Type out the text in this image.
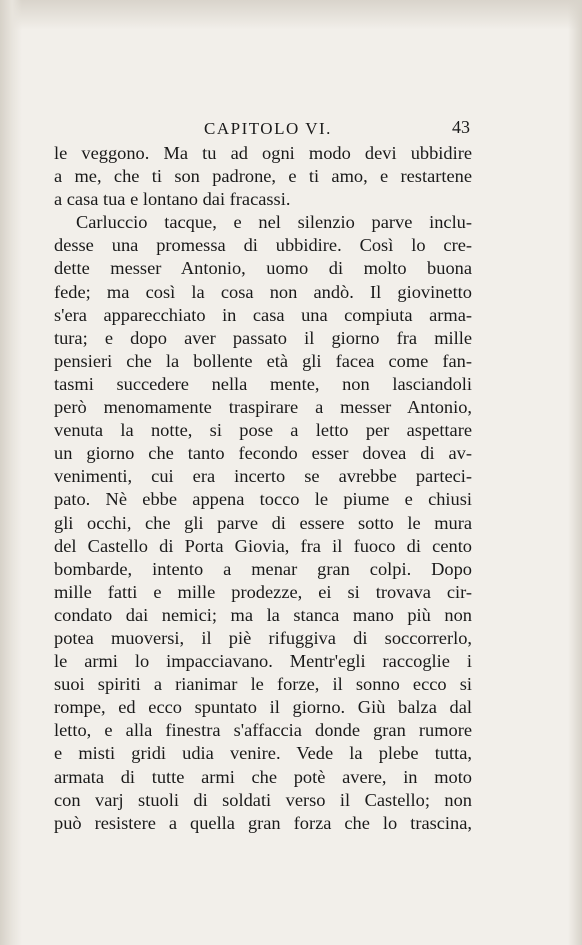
CAPITOLO VI.	43
le veggono. Ma tu ad ogni modo devi ubbidire
a me, che ti son padrone, e ti amo, e restartene
a casa tua e lontano dai fracassi.
Carluccio tacque, e nel silenzio parve inclu-
desse una promessa di ubbidire. Così lo cre-
dette messer Antonio, uomo di molto buona
fede; ma così la cosa non andò. Il giovinetto
s'era apparecchiato in casa una compiuta arma-
tura; e dopo aver passato il giorno fra mille
pensieri che la bollente età gli facea come fan-
tasmi succedere nella mente, non lasciandoli
però menomamente traspirare a messer Antonio,
venuta la notte, si pose a letto per aspettare
un giorno che tanto fecondo esser dovea di av-
venimenti, cui era incerto se avrebbe parteci-
pato. Nè ebbe appena tocco le piume e chiusi
gli occhi, che gli parve di essere sotto le mura
del Castello di Porta Giovia, fra il fuoco di cento
bombarde, intento a menar gran colpi. Dopo
mille fatti e mille prodezze, ei si trovava cir-
condato dai nemici; ma la stanca mano più non
potea muoversi, il piè rifuggiva di soccorrerlo,
le armi lo impacciavano. Mentr'egli raccoglie i
suoi spiriti a rianimar le forze, il sonno ecco si
rompe, ed ecco spuntato il giorno. Giù balza dal
letto, e alla finestra s'affaccia donde gran rumore
e misti gridi udia venire. Vede la plebe tutta,
armata di tutte armi che potè avere, in moto
con varj stuoli di soldati verso il Castello; non
può resistere a quella gran forza che lo trascina,
